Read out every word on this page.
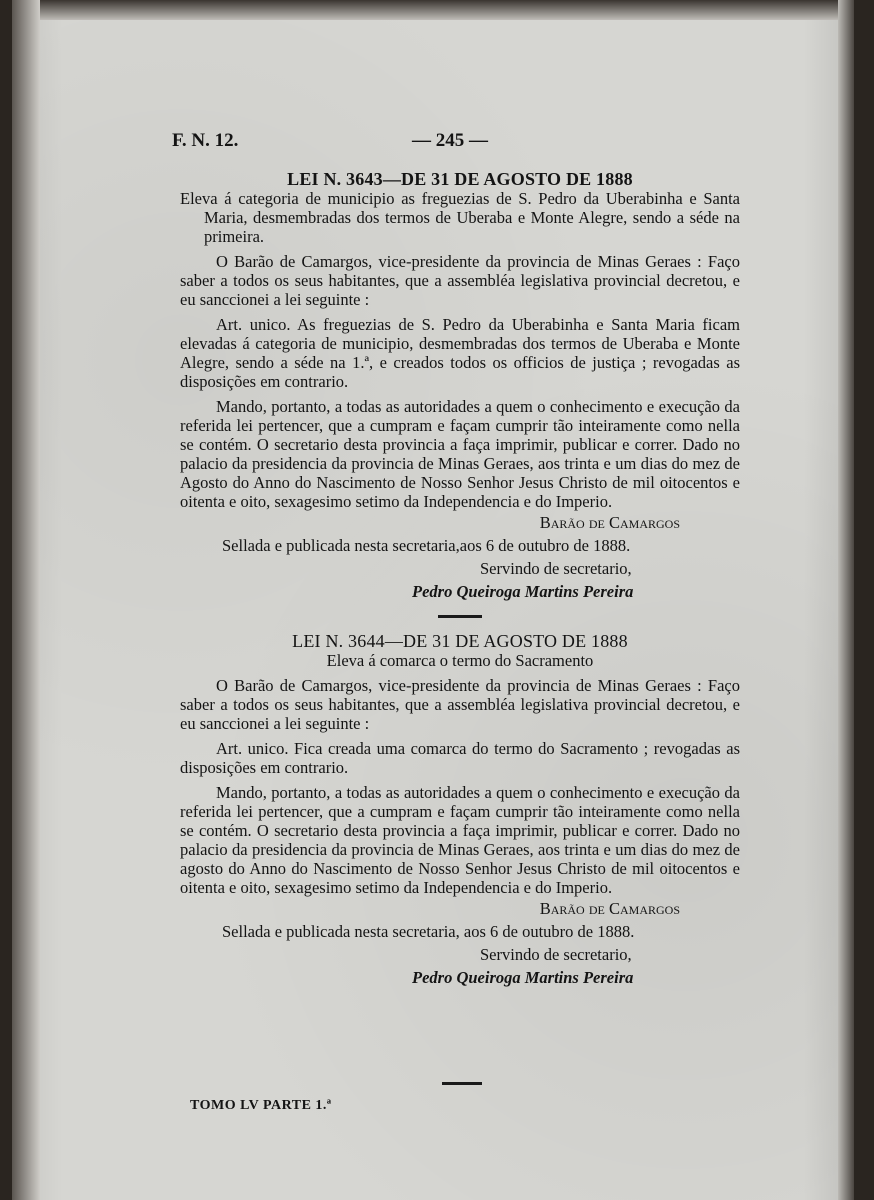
F. N. 12.	— 245 —
LEI N. 3643—DE 31 DE AGOSTO DE 1888

Eleva á categoria de municipio as freguezias de S. Pedro da Uberabinha e Santa Maria, desmembradas dos termos de Uberaba e Monte Alegre, sendo a séde na primeira.

O Barão de Camargos, vice-presidente da provincia de Minas Geraes : Faço saber a todos os seus habitantes, que a assembléa legislativa provincial decretou, e eu sanccionei a lei seguinte :

Art. unico. As freguezias de S. Pedro da Uberabinha e Santa Maria ficam elevadas á categoria de municipio, desmembradas dos termos de Uberaba e Monte Alegre, sendo a séde na 1.ª, e creados todos os officios de justiça ; revogadas as disposições em contrario.

Mando, portanto, a todas as autoridades a quem o conhecimento e execução da referida lei pertencer, que a cumpram e façam cumprir tão inteiramente como nella se contém. O secretario desta provincia a faça imprimir, publicar e correr. Dado no palacio da presidencia da provincia de Minas Geraes, aos trinta e um dias do mez de Agosto do Anno do Nascimento de Nosso Senhor Jesus Christo de mil oitocentos e oitenta e oito, sexagesimo setimo da Independencia e do Imperio.

Barão de Camargos

Sellada e publicada nesta secretaria,aos 6 de outubro de 1888.

Servindo de secretario,

Pedro Queiroga Martins Pereira

LEI N. 3644—DE 31 DE AGOSTO DE 1888

Eleva á comarca o termo do Sacramento

O Barão de Camargos, vice-presidente da provincia de Minas Geraes : Faço saber a todos os seus habitantes, que a assembléa legislativa provincial decretou, e eu sanccionei a lei seguinte :

Art. unico. Fica creada uma comarca do termo do Sacramento ; revogadas as disposições em contrario.

Mando, portanto, a todas as autoridades a quem o conhecimento e execução da referida lei pertencer, que a cumpram e façam cumprir tão inteiramente como nella se contém. O secretario desta provincia a faça imprimir, publicar e correr. Dado no palacio da presidencia da provincia de Minas Geraes, aos trinta e um dias do mez de agosto do Anno do Nascimento de Nosso Senhor Jesus Christo de mil oitocentos e oitenta e oito, sexagesimo setimo da Independencia e do Imperio.

Barão de Camargos

Sellada e publicada nesta secretaria, aos 6 de outubro de 1888.

Servindo de secretario,

Pedro Queiroga Martins Pereira

TOMO LV PARTE 1.ª
